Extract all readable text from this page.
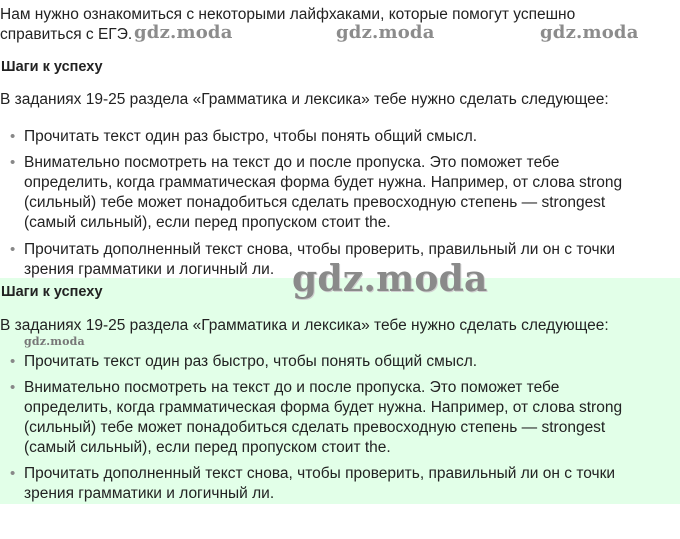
Нам нужно ознакомиться с некоторыми лайфхаками, которые помогут успешно
справиться с ЕГЭ.
Шаги к успеху
В заданиях 19-25 раздела «Грамматика и лексика» тебе нужно сделать следующее:
• Прочитать текст один раз быстро, чтобы понять общий смысл.
• Внимательно посмотреть на текст до и после пропуска. Это поможет тебе
определить, когда грамматическая форма будет нужна. Например, от слова strong
(сильный) тебе может понадобиться сделать превосходную степень — strongest
(самый сильный), если перед пропуском стоит the.
• Прочитать дополненный текст снова, чтобы проверить, правильный ли он с точки
зрения грамматики и логичный ли.
Шаги к успеху
В заданиях 19-25 раздела «Грамматика и лексика» тебе нужно сделать следующее:
• Прочитать текст один раз быстро, чтобы понять общий смысл.
• Внимательно посмотреть на текст до и после пропуска. Это поможет тебе
определить, когда грамматическая форма будет нужна. Например, от слова strong
(сильный) тебе может понадобиться сделать превосходную степень — strongest
(самый сильный), если перед пропуском стоит the.
• Прочитать дополненный текст снова, чтобы проверить, правильный ли он с точки
зрения грамматики и логичный ли.
gdz.moda	gdz.moda	gdz.moda
gdz.moda
gdz.moda
